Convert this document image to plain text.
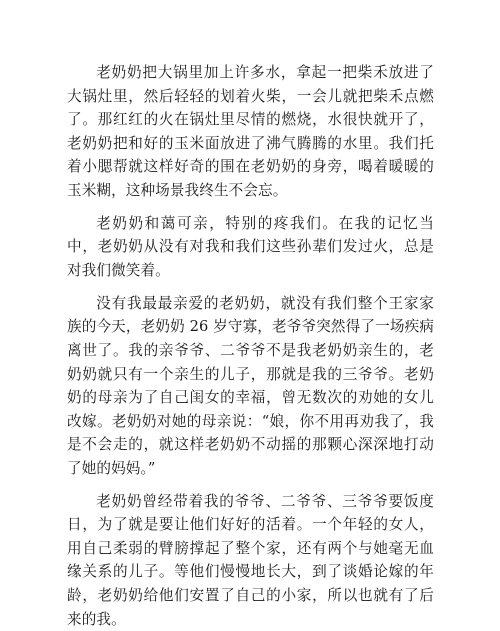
老奶奶把大锅里加上许多水，拿起一把柴禾放进了大锅灶里，然后轻轻的划着火柴，一会儿就把柴禾点燃了。那红红的火在锅灶里尽情的燃烧，水很快就开了，老奶奶把和好的玉米面放进了沸气腾腾的水里。我们托着小腮帮就这样好奇的围在老奶奶的身旁，喝着暖暖的玉米糊，这种场景我终生不会忘。

老奶奶和蔼可亲，特别的疼我们。在我的记忆当中，老奶奶从没有对我和我们这些孙辈们发过火，总是对我们微笑着。

没有我最最亲爱的老奶奶，就没有我们整个王家家族的今天，老奶奶 26 岁守寡，老爷爷突然得了一场疾病离世了。我的亲爷爷、二爷爷不是我老奶奶亲生的，老奶奶就只有一个亲生的儿子，那就是我的三爷爷。老奶奶的母亲为了自己闺女的幸福，曾无数次的劝她的女儿改嫁。老奶奶对她的母亲说：“娘，你不用再劝我了，我是不会走的，就这样老奶奶不动摇的那颗心深深地打动了她的妈妈。”

老奶奶曾经带着我的爷爷、二爷爷、三爷爷要饭度日，为了就是要让他们好好的活着。一个年轻的女人，用自己柔弱的臂膀撑起了整个家，还有两个与她毫无血缘关系的儿子。等他们慢慢地长大，到了谈婚论嫁的年龄，老奶奶给他们安置了自己的小家，所以也就有了后来的我。
